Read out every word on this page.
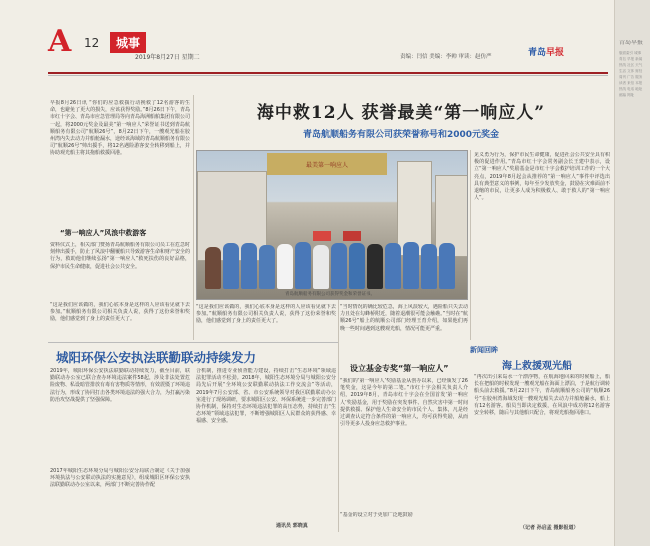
青岛早报
版面索引 城事 青岛 早报 新闻 热线 社区 天气 生活 文体 财经 周刊 广告 服务 读者 来信 本报 热线 电话 地址 邮编 网址
A 12	城事
2019年8月27日 星期二	责编：闫信 美编：李帅 审读：赵仿严	青岛早报
早报8月26日讯 “你们的应急救援行动挽救了12名游客的生命，也避免了更大的损失，应该获得奖励。”8月26日下午，青岛市红十字会、青岛市应急管理局等向青岛海洲船舶集团有限公司一起，将2000元奖金及最美“第一响应人”荣誉证书送到青岛航顺船务有限公司“航顺26号”，8月22日下午，一艘观光船在胶州湾内失去动力并船舱漏水，途经该海域的青岛航顺船务有限公司“航顺26号”帅出援手，将12名遇险游客安全转移到船上，并协助观光船主将其拖船救援回港。
“第一响应人”风浪中救游客
资料仪式上，相关部门赞扬青岛航顺船务有限公司员工在危急时刻伸出援手，防止了风浪中翻覆船只导致游客生命和财产安全的行为，救助他们继续弘扬“第一响应人”救死扶伤的良好品格，保护市民生命健康，促进社会公共安全。
“这是我们应该做的，我们心底本身是这样的人应该看见就下去参加。”航顺船务有限公司相关负责人说，获得了这份荣誉和奖励，他们感觉到了身上的责任更大了。
海中救12人 获誉最美“第一响应人”
青岛航顺船务有限公司获荣誉称号和2000元奖金
最美第一响应人
青岛航顺船务有限公司获得奖金和荣誉证书。
“这是我们应该做的，我们心底本身是这样的人应该看见就下去参加。”航顺船务有限公司相关负责人说，获得了这份荣誉和奖励，他们感觉到了身上的责任更大了。
“当时情况的确比较危急，海上风浪较大，遇险船只失去动力且处在勾蜂桥附近，随着退潮很可能会触礁。”当时在“航顺26号”船上的航顺公司部门经理王育介绍，如果他们再晚一些时间遇到这艘观光船，情况可能更严重。
设立基金专奖“第一响应人”
“我们的‘第一响应人’奖励基金从创办以来，已经颁发了26笔奖金，这是今年的第二笔。”市红十字会相关负责人介绍，2019年8月，青岛市红十字会在全国首发‘第一响应人’奖励基金，用于奖励在突发事件、自然灾害中第一时间提供救援、保护他人生命安全的市民个人、集体，凡是经过调查认定符合条件的第一响应人，均可获得奖励，从而引导更多人投身应急救护事业。
“基金的设立对于更加广泛地鼓励
见义勇为行为，保护市民生命健康，促进社会公共安全具有积极的促进作用。”青岛市红十字会常务副会长王建中表示，设立“第一响应人”奖励基金是市红十字会救护培训工作的一个大亮点，2019年8月起会从推荐的“第一响应人”事件中评选出具有典型意义的事例，每年至少发放奖金，鼓励在灾难面前不退缩的市民，让更多人成为积极救人、敢于救人的“第一响应人”。
新闻回眸
海上救援观光船
“再次出引来岛水一个漂浮物，在航海地回来的时候船上，船长在把船的时候发现一艘观光船在海面上漂泊，于是航行调转船头前去救援。”8月22日下午，青岛航顺船务公司的“航顺26号”在胶州湾海域发现一艘观光船失去动力并船舱漏水，船上有12名游客。船员当即决定救援，在风浪中成功将12名游客安全转移，随后与其他船只配合，将观光船拖回港口。
（记者 孙启孟 摄影报道）
城阳环保公安执法联勤联动持续发力
2019年，城阳环保公安执法联勤联动持续发力，截至目前，联勤联动办公室已联合查办环境违法案件58起，涉及非法处置危险废物、私设暗管排放有毒有害物质等情形，有效震慑了环境违法行为，形成了协同打击各类环境违法的强大合力，为打赢污染防治攻坚战提供了坚强保障。
2017年城阳生态环境分局与城阳公安分局联合制定《关于加强环境执法与公安联动执法的实施意见》，组成城阳区环保公安执法联勤联动办公室以来，两部门不断完善协作配
合机制，推进专业侦查能力建设，持续打击“生态环境”领域违法犯罪活动不松劲。2018年，城阳生态环境分局与城阳公安分局先后开展“全环境公安联勤联动执法工作交流会”等活动，2019年7月公安部、省、市公安系统领导对我区联勤联动办公室进行了现场调研，要求城阳区公安、环保系统进一步完善部门协作机制，保持对生态环境违法犯罪的高压态势，持续打击“生态环境”领域违法犯罪，不断增强城阳区人民群众的获得感、幸福感、安全感。
通讯员 郭晓真
